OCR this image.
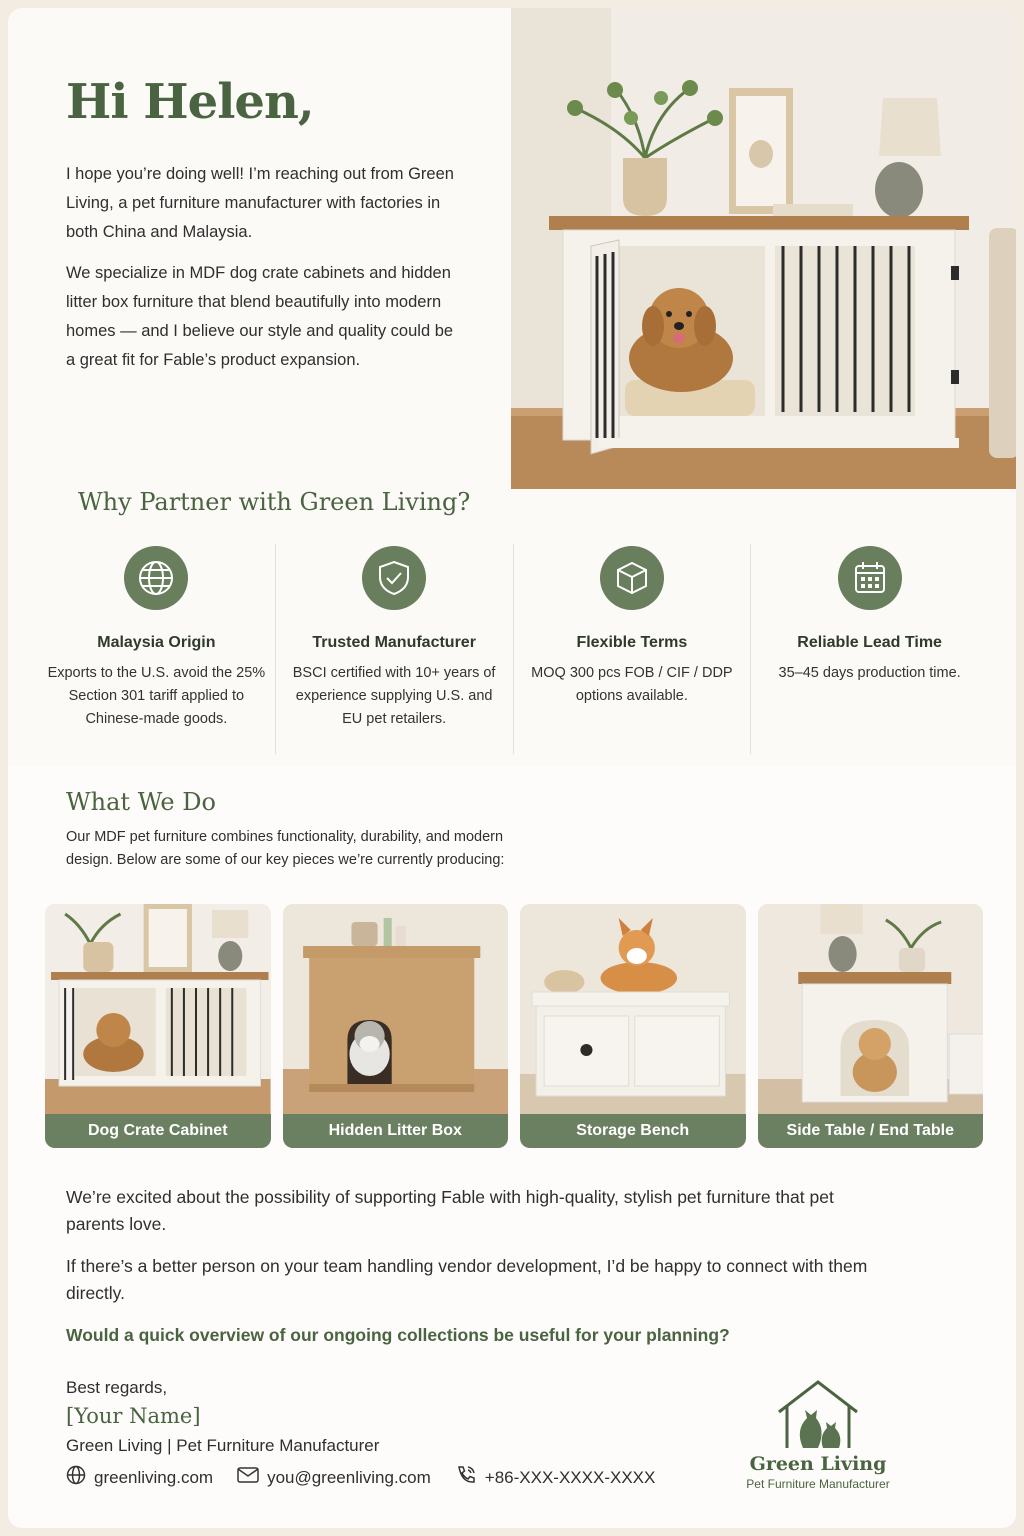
Hi Helen,

I hope you’re doing well! I’m reaching out from Green Living, a pet furniture manufacturer with factories in both China and Malaysia.

We specialize in MDF dog crate cabinets and hidden litter box furniture that blend beautifully into modern homes — and I believe our style and quality could be a great fit for Fable’s product expansion.

Why Partner with Green Living?
Malaysia Origin

Exports to the U.S. avoid the 25% Section 301 tariff applied to Chinese-made goods.

Trusted Manufacturer

BSCI certified with 10+ years of experience supplying U.S. and EU pet retailers.

Flexible Terms

MOQ 300 pcs FOB / CIF / DDP options available.

Reliable Lead Time

35–45 days production time.

What We Do

Our MDF pet furniture combines functionality, durability, and modern design. Below are some of our key pieces we’re currently producing:

Dog Crate Cabinet	Hidden Litter Box	Storage Bench	Side Table / End Table

We’re excited about the possibility of supporting Fable with high-quality, stylish pet furniture that pet parents love.

If there’s a better person on your team handling vendor development, I’d be happy to connect with them directly.

Would a quick overview of our ongoing collections be useful for your planning?

Best regards,

[Your Name]

Green Living | Pet Furniture Manufacturer

greenliving.com	you@greenliving.com	+86-XXX-XXXX-XXXX
Green Living
Pet Furniture Manufacturer
